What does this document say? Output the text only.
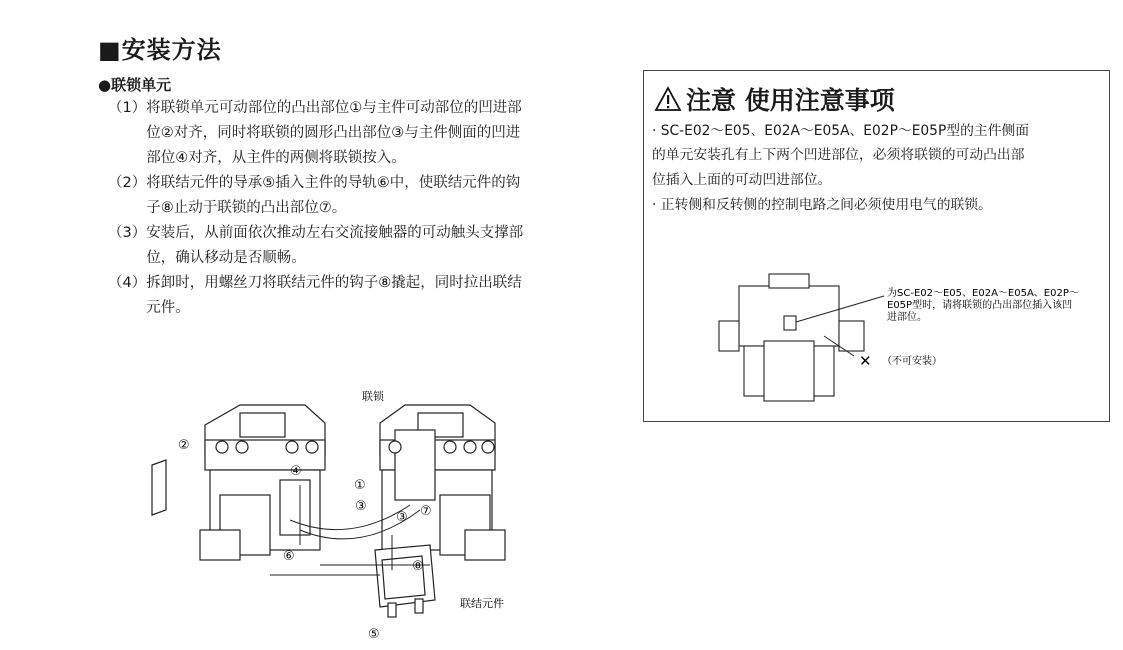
■安装方法
●联锁单元
（1） 将联锁单元可动部位的凸出部位①与主件可动部位的凹进部
位②对齐，同时将联锁的圆形凸出部位③与主件侧面的凹进
部位④对齐，从主件的两侧将联锁按入。
（2） 将联结元件的导承⑤插入主件的导轨⑥中，使联结元件的钩
子⑧止动于联锁的凸出部位⑦。
（3） 安装后，从前面依次推动左右交流接触器的可动触头支撑部
位，确认移动是否顺畅。
（4） 拆卸时，用螺丝刀将联结元件的钩子⑧撬起，同时拉出联结
元件。
联锁
联结元件
②
④
①
③
③ ⑦
⑥
⑧
⑤
注意 使用注意事项
· SC-E02～E05、E02A～E05A、E02P～E05P型的主件侧面
的单元安装孔有上下两个凹进部位，必须将联锁的可动凸出部
位插入上面的可动凹进部位。
· 正转侧和反转侧的控制电路之间必须使用电气的联锁。
为SC-E02～E05、E02A～E05A、E02P～
E05P型时，请将联锁的凸出部位插入该凹
进部位。
✕ （不可安装）
